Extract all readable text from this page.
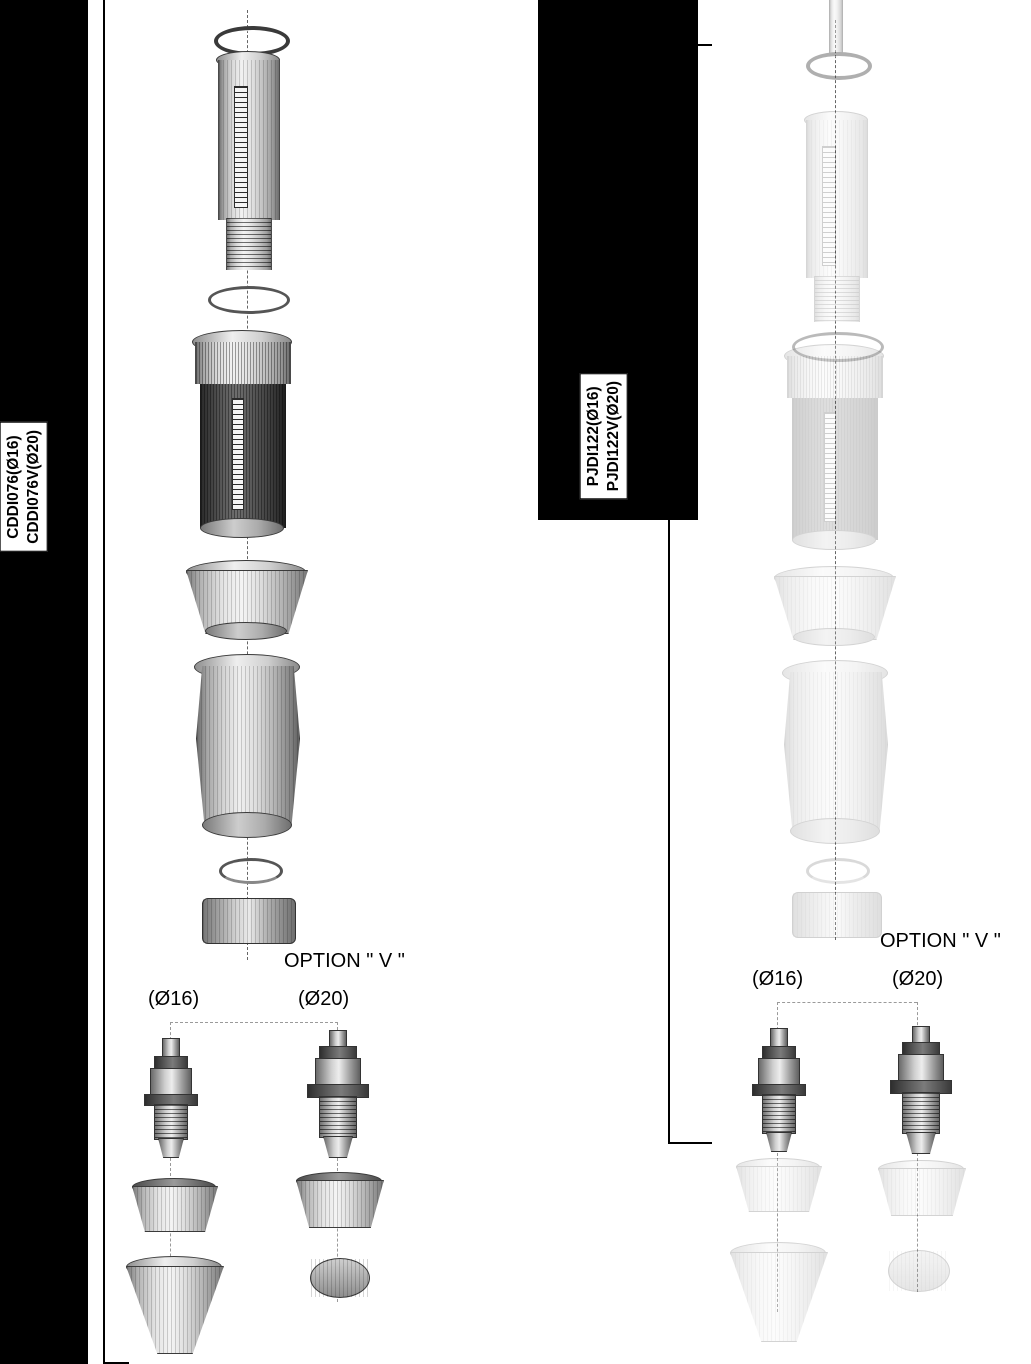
OPTION " V "
(Ø16)	(Ø20)
OPTION " V "
(Ø16)	(Ø20)
CDDI076(Ø16) CDDI076V(Ø20)	PJDI122(Ø16) PJDI122V(Ø20)
